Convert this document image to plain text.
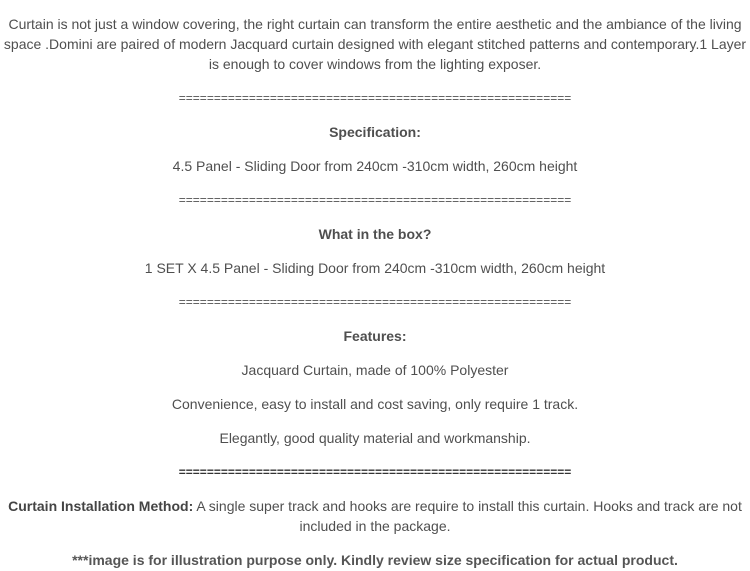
Curtain is not just a window covering, the right curtain can transform the entire aesthetic and the ambiance of the living space .Domini are paired of modern Jacquard curtain designed with elegant stitched patterns and contemporary.1 Layer is enough to cover windows from the lighting exposer.

========================================================

Specification:

4.5 Panel - Sliding Door from 240cm -310cm width, 260cm height

========================================================

What in the box?

1 SET X 4.5 Panel - Sliding Door from 240cm -310cm width, 260cm height

========================================================

Features:

Jacquard Curtain, made of 100% Polyester

Convenience, easy to install and cost saving, only require 1 track.

Elegantly, good quality material and workmanship.

========================================================

Curtain Installation Method: A single super track and hooks are require to install this curtain. Hooks and track are not included in the package.

***image is for illustration purpose only. Kindly review size specification for actual product.
